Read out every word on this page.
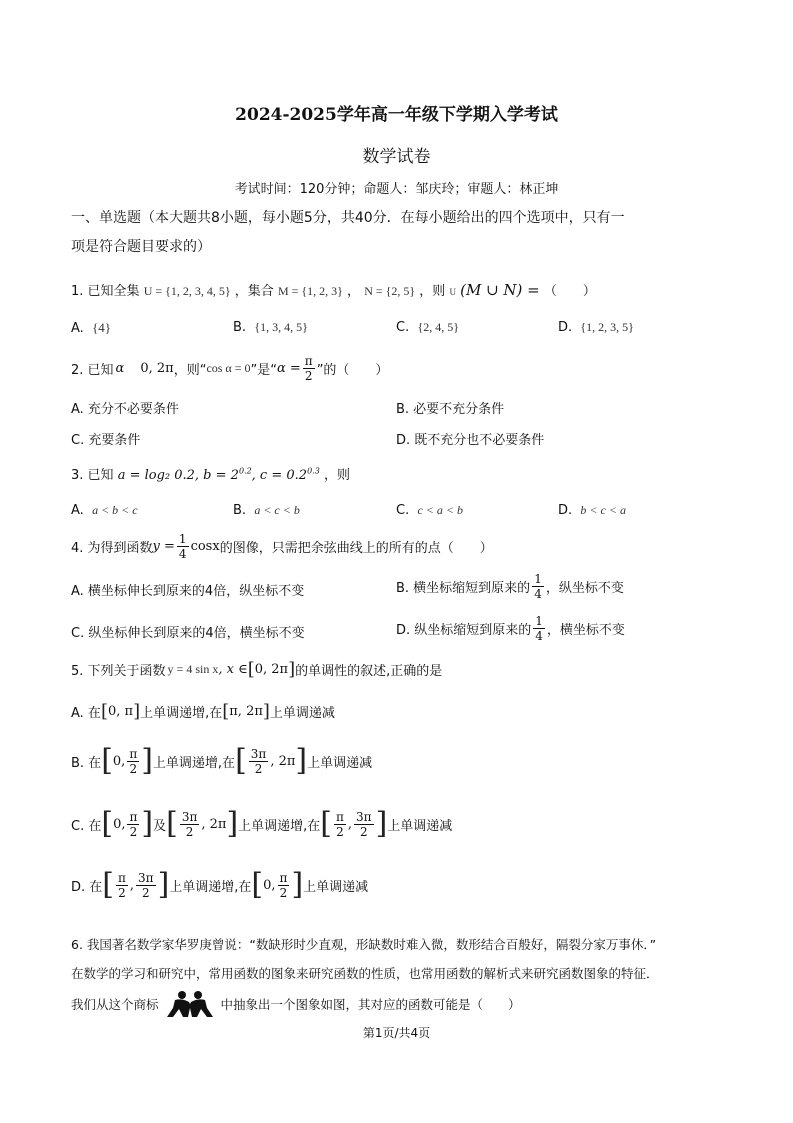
2024-2025学年高一年级下学期入学考试
数学试卷
考试时间：120分钟；命题人：邹庆玲；审题人：林正坤
一、单选题（本大题共8小题，每小题5分，共40分．在每小题给出的四个选项中，只有一
项是符合题目要求的）
1. 已知全集 U = {1, 2, 3, 4, 5} ，集合 M = {1, 2, 3} ， N = {2, 5} ，则 U (M ∪ N) = （　　）
A. {4}	B. {1, 3, 4, 5}	C. {2, 4, 5}	D. {1, 2, 3, 5}
2. 已知 α 0, 2π ，则“ cos α = 0 ”是“ $\alpha = \frac{\pi}{2}$ ”的（　　）
A. 充分不必要条件	B. 必要不充分条件
C. 充要条件	D. 既不充分也不必要条件
3. 已知 a = log₂ 0.2, $b = 2^{0.2}$, $c = 0.2^{0.3}$ ，则
A. a < b < c	B. a < c < b	C. c < a < b	D. b < c < a
4. 为得到函数 $y = \frac{1}{4}$ cosx 的图像，只需把余弦曲线上的所有的点（　　）
A. 横坐标伸长到原来的4倍，纵坐标不变	B. 横坐标缩短到原来的 $\frac{1}{4}$ ，纵坐标不变
C. 纵坐标伸长到原来的4倍，横坐标不变	D. 纵坐标缩短到原来的 $\frac{1}{4}$ ，横坐标不变
5. 下列关于函数 y = 4 sin x , x ∈ [ 0, 2π ] 的单调性的叙述,正确的是
A. 在 [ 0, π ] 上单调递增,在 [ π, 2π ] 上单调递减
B. 在 [ 0, $\frac{\pi}{2}$ ] 上单调递增,在 [ $\frac{3\pi}{2}$ , 2π ] 上单调递减
C. 在 [ 0, $\frac{\pi}{2}$ ] 及 [ $\frac{3\pi}{2}$ , 2π ] 上单调递增,在 [ $\frac{\pi}{2}$ , $\frac{3\pi}{2}$ ] 上单调递减
D. 在 [ $\frac{\pi}{2}$ , $\frac{3\pi}{2}$ ] 上单调递增,在 [ 0, $\frac{\pi}{2}$ ] 上单调递减
6. 我国著名数学家华罗庚曾说：“数缺形时少直观，形缺数时难入微，数形结合百般好，隔裂分家万事休．”
在数学的学习和研究中，常用函数的图象来研究函数的性质，也常用函数的解析式来研究函数图象的特征．
我们从这个商标	中抽象出一个图象如图，其对应的函数可能是（　　）
第1页/共4页
